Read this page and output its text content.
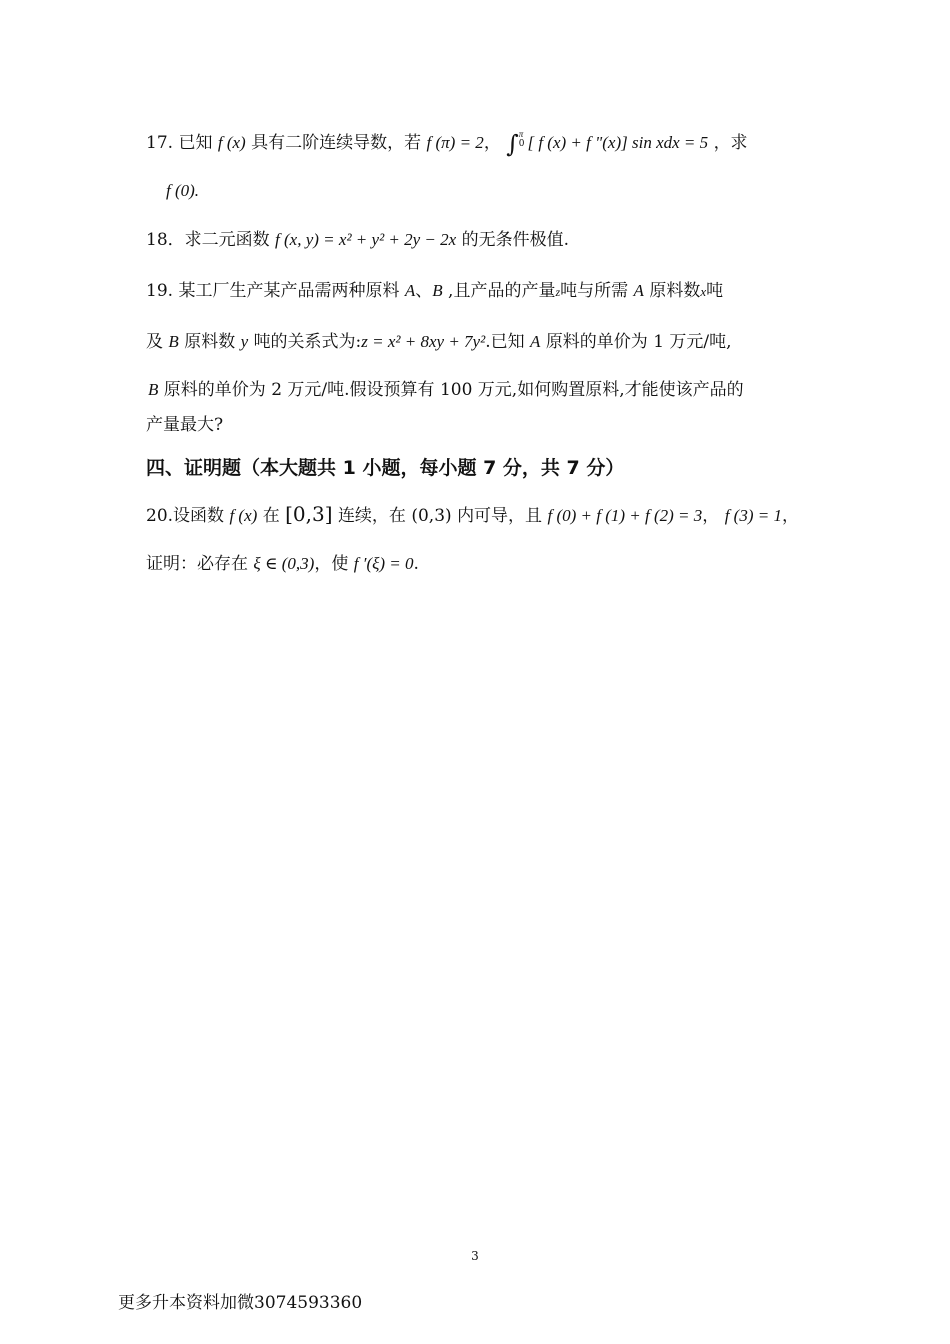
17. 已知 f (x) 具有二阶连续导数，若 f (π) = 2， ∫ π
0 [ f (x) + f "(x)] sin xdx = 5 ，求
f (0).
18．求二元函数 f (x, y) = x² + y² + 2y − 2x 的无条件极值.
19. 某工厂生产某产品需两种原料 A、B ,且产品的产量z吨与所需 A 原料数x吨
及 B 原料数 y 吨的关系式为:z = x² + 8xy + 7y².已知 A 原料的单价为 1 万元/吨,
B 原料的单价为 2 万元/吨.假设预算有 100 万元,如何购置原料,才能使该产品的
产量最大?
四、证明题（本大题共 1 小题，每小题 7 分，共 7 分）
20.设函数 f (x) 在 [0,3] 连续，在 (0,3) 内可导，且 f (0) + f (1) + f (2) = 3， f (3) = 1，
证明：必存在 ξ ∈ (0,3)，使 f ′(ξ) = 0.
3
更多升本资料加微3074593360
